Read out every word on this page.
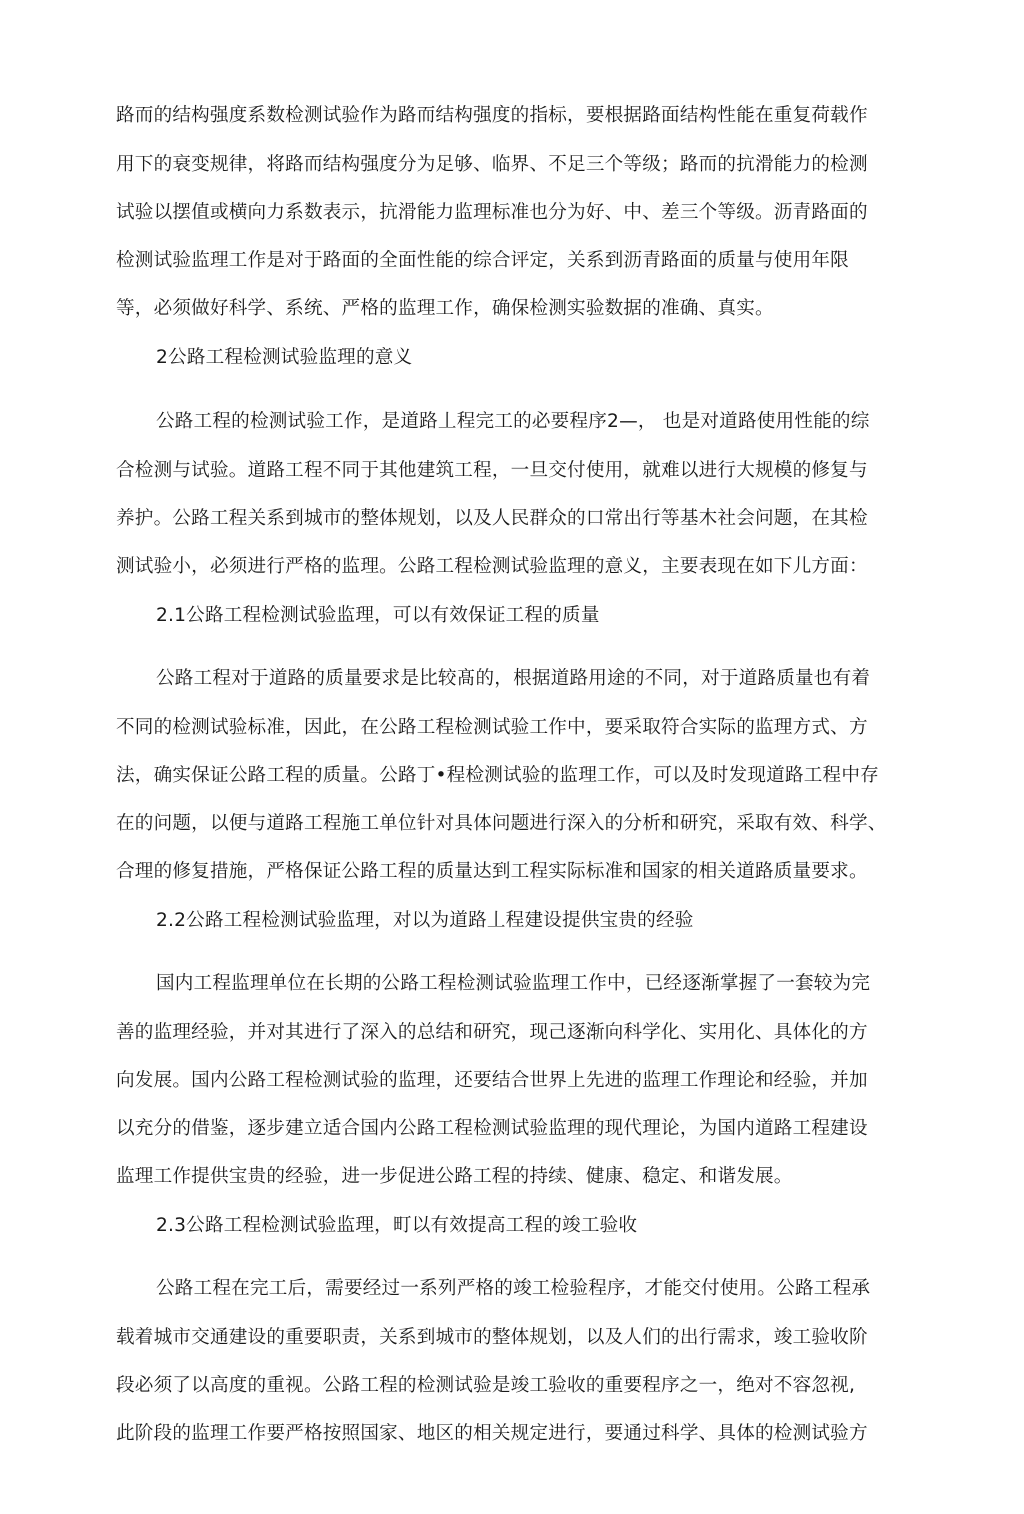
路而的结构强度系数检测试验作为路而结构强度的指标，要根据路面结构性能在重复荷载作
用下的衰变规律，将路而结构强度分为足够、临界、不足三个等级；路而的抗滑能力的检测
试验以摆值或横向力系数表示，抗滑能力监理标准也分为好、中、差三个等级。沥青路面的
检测试验监理工作是对于路面的全面性能的综合评定，关系到沥青路面的质量与使用年限
等，必须做好科学、系统、严格的监理工作，确保检测实验数据的准确、真实。
2公路工程检测试验监理的意义
公路工程的检测试验工作，是道路丄程完工的必要程序2—， 也是对道路使用性能的综
合检测与试验。道路工程不同于其他建筑工程，一旦交付使用，就难以进行大规模的修复与
养护。公路工程关系到城市的整体规划，以及人民群众的口常出行等基木社会问题，在其检
测试验小，必须进行严格的监理。公路工程检测试验监理的意义，主要表现在如下儿方面：
2.1公路工程检测试验监理，可以有效保证工程的质量
公路工程对于道路的质量要求是比较髙的，根据道路用途的不同，对于道路质量也有着
不同的检测试验标准，因此，在公路工程检测试验工作中，要采取符合实际的监理方式、方
法，确实保证公路工程的质量。公路丁•程检测试验的监理工作，可以及时发现道路工程中存
在的问题，以便与道路工程施工单位针对具体问题进行深入的分析和研究，采取有效、科学、
合理的修复措施，严格保证公路工程的质量达到工程实际标准和国家的相关道路质量要求。
2.2公路工程检测试验监理，对以为道路丄程建设提供宝贵的经验
国内工程监理单位在长期的公路工程检测试验监理工作中，已经逐渐掌握了一套较为完
善的监理经验，并对其进行了深入的总结和研究，现己逐渐向科学化、实用化、具体化的方
向发展。国内公路工程检测试验的监理，还要结合世界上先进的监理工作理论和经验，并加
以充分的借鉴，逐步建立适合国内公路工程检测试验监理的现代理论，为国内道路工程建设
监理工作提供宝贵的经验，进一步促进公路工程的持续、健康、稳定、和谐发展。
2.3公路工程检测试验监理，町以有效提高工程的竣工验收
公路工程在完工后，需要经过一系列严格的竣工检验程序，才能交付使用。公路工程承
载着城市交通建设的重要职责，关系到城市的整体规划，以及人们的出行需求，竣工验收阶
段必须了以高度的重视。公路工程的检测试验是竣工验收的重要程序之一，绝对不容忽视,
此阶段的监理工作要严格按照国家、地区的相关规定进行，要通过科学、具体的检测试验方
